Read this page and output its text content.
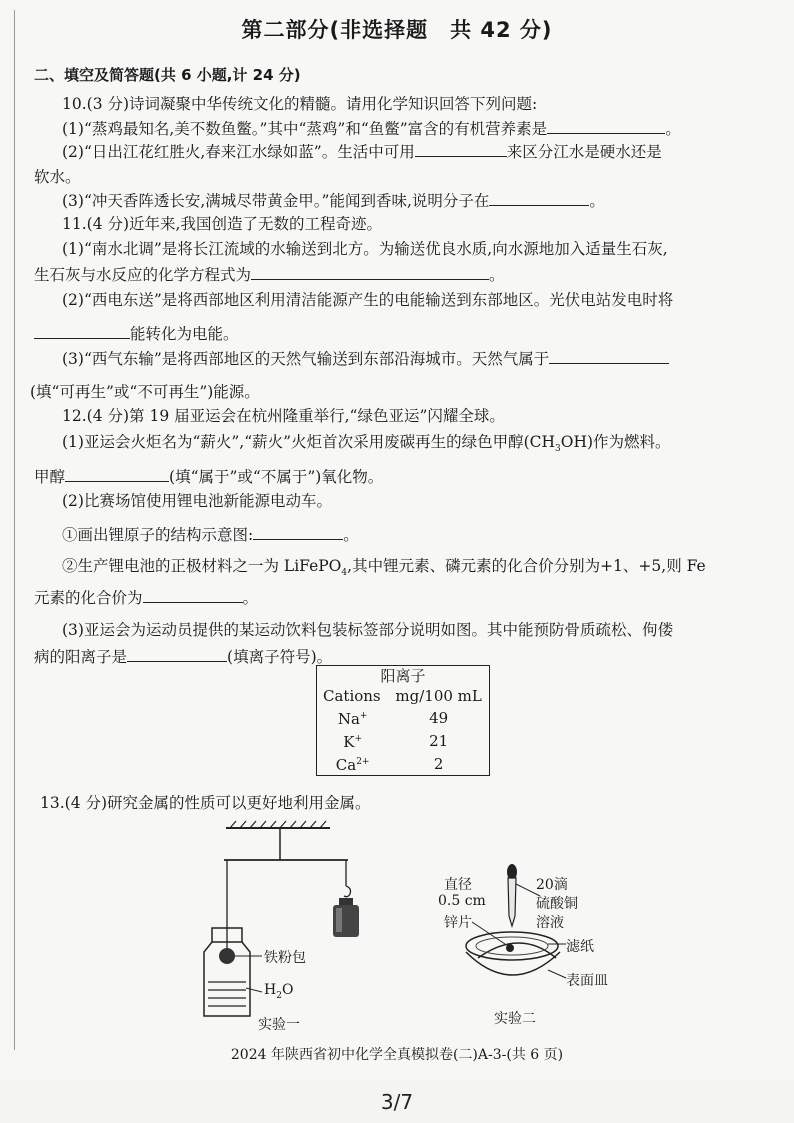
第二部分(非选择题　共 42 分)
二、填空及简答题(共 6 小题,计 24 分)
10.(3 分)诗词凝聚中华传统文化的精髓。请用化学知识回答下列问题:
(1)“蒸鸡最知名,美不数鱼鳖。”其中“蒸鸡”和“鱼鳖”富含的有机营养素是	。
(2)“日出江花红胜火,春来江水绿如蓝”。生活中可用	来区分江水是硬水还是
软水。
(3)“冲天香阵透长安,满城尽带黄金甲。”能闻到香味,说明分子在	。
11.(4 分)近年来,我国创造了无数的工程奇迹。
(1)“南水北调”是将长江流域的水输送到北方。为输送优良水质,向水源地加入适量生石灰,
生石灰与水反应的化学方程式为	。
(2)“西电东送”是将西部地区利用清洁能源产生的电能输送到东部地区。光伏电站发电时将
能转化为电能。
(3)“西气东输”是将西部地区的天然气输送到东部沿海城市。天然气属于
(填“可再生”或“不可再生”)能源。
12.(4 分)第 19 届亚运会在杭州隆重举行,“绿色亚运”闪耀全球。
(1)亚运会火炬名为“薪火”,“薪火”火炬首次采用废碳再生的绿色甲醇$(CH_3OH)$作为燃料。
甲醇	(填“属于”或“不属于”)氧化物。
(2)比赛场馆使用锂电池新能源电动车。
①画出锂原子的结构示意图:	。
②生产锂电池的正极材料之一为 LiFePO$_4$,其中锂元素、磷元素的化合价分别为+1、+5,则 Fe
元素的化合价为	。
(3)亚运会为运动员提供的某运动饮料包装标签部分说明如图。其中能预防骨质疏松、佝偻
病的阳离子是	(填离子符号)。
阳离子	
Cations	mg/100 mL
Na+	49
K+	21
$Ca^{2+}$	2
13.(4 分)研究金属的性质可以更好地利用金属。
铁粉包
$H_2O$
实验一
直径
0.5 cm
锌片
20滴
硫酸铜
溶液
滤纸
表面皿
实验二
2024 年陕西省初中化学全真模拟卷(二)A-3-(共 6 页)
3/7
